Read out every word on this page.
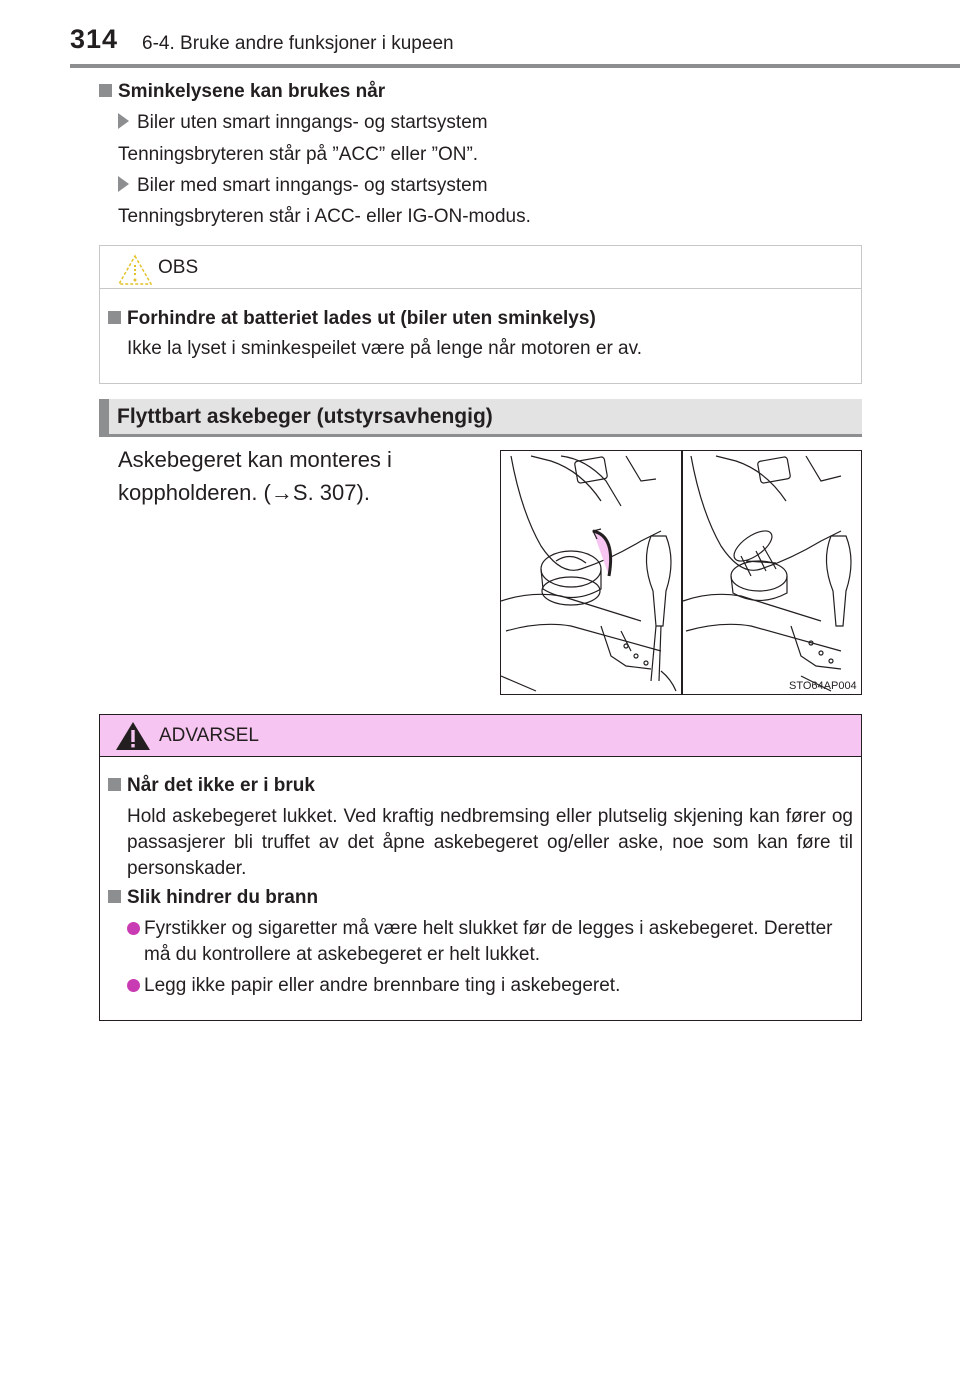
314 6-4. Bruke andre funksjoner i kupeen
Sminkelysene kan brukes når
Biler uten smart inngangs- og startsystem
Tenningsbryteren står på ”ACC” eller ”ON”.
Biler med smart inngangs- og startsystem
Tenningsbryteren står i ACC- eller IG-ON-modus.
OBS
Forhindre at batteriet lades ut (biler uten sminkelys)
Ikke la lyset i sminkespeilet være på lenge når motoren er av.
Flyttbart askebeger (utstyrsavhengig)
Askebegeret kan monteres i
koppholderen. (→S. 307).
STO64AP004
ADVARSEL
Når det ikke er i bruk
Hold askebegeret lukket. Ved kraftig nedbremsing eller plutselig skjening kan fører og passasjerer bli truffet av det åpne askebegeret og/eller aske, noe som kan føre til personskader.
Slik hindrer du brann
Fyrstikker og sigaretter må være helt slukket før de legges i askebegeret. Deretter må du kontrollere at askebegeret er helt lukket.
Legg ikke papir eller andre brennbare ting i askebegeret.
